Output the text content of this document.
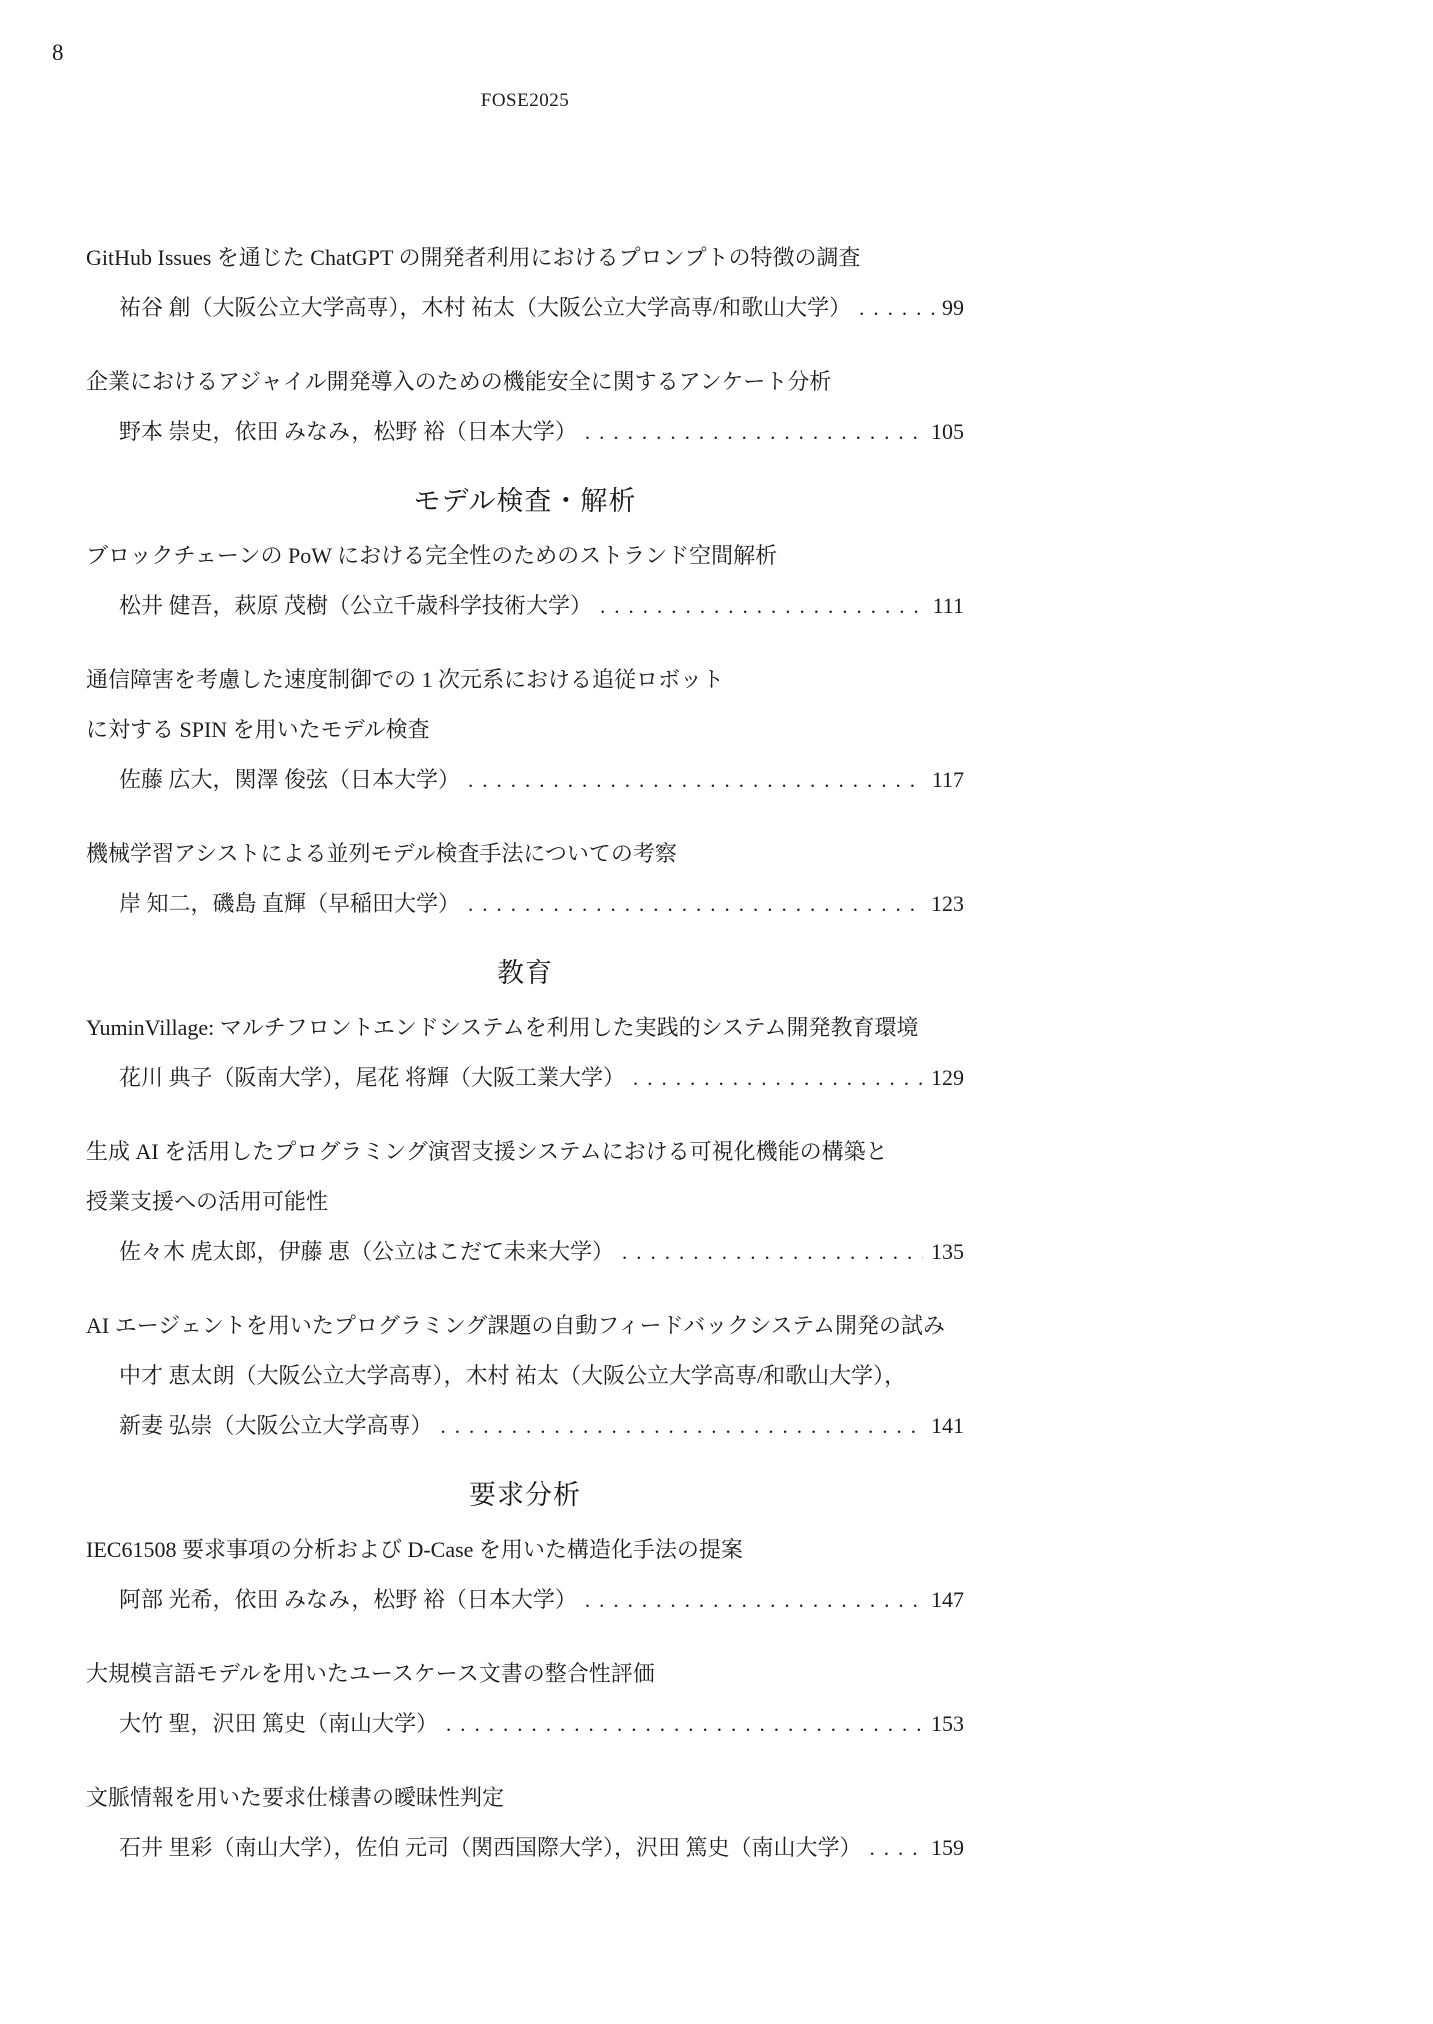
8
FOSE2025
GitHub Issues を通じた ChatGPT の開発者利用におけるプロンプトの特徴の調査
祐谷 創（大阪公立大学高専），木村 祐太（大阪公立大学高専/和歌山大学） .....	99
企業におけるアジャイル開発導入のための機能安全に関するアンケート分析
野本 崇史，依田 みなみ，松野 裕（日本大学） .....	105
モデル検査・解析
ブロックチェーンの PoW における完全性のためのストランド空間解析
松井 健吾，萩原 茂樹（公立千歳科学技術大学） .....	111
通信障害を考慮した速度制御での 1 次元系における追従ロボット
に対する SPIN を用いたモデル検査
佐藤 広大，関澤 俊弦（日本大学） .....	117
機械学習アシストによる並列モデル検査手法についての考察
岸 知二，磯島 直輝（早稲田大学） .....	123
教育
YuminVillage: マルチフロントエンドシステムを利用した実践的システム開発教育環境
花川 典子（阪南大学），尾花 将輝（大阪工業大学） .....	129
生成 AI を活用したプログラミング演習支援システムにおける可視化機能の構築と
授業支援への活用可能性
佐々木 虎太郎，伊藤 恵（公立はこだて未来大学） .....	135
AI エージェントを用いたプログラミング課題の自動フィードバックシステム開発の試み
中才 恵太朗（大阪公立大学高専），木村 祐太（大阪公立大学高専/和歌山大学），
新妻 弘崇（大阪公立大学高専） .....	141
要求分析
IEC61508 要求事項の分析および D-Case を用いた構造化手法の提案
阿部 光希，依田 みなみ，松野 裕（日本大学） .....	147
大規模言語モデルを用いたユースケース文書の整合性評価
大竹 聖，沢田 篤史（南山大学） .....	153
文脈情報を用いた要求仕様書の曖昧性判定
石井 里彩（南山大学），佐伯 元司（関西国際大学），沢田 篤史（南山大学） .....	159
